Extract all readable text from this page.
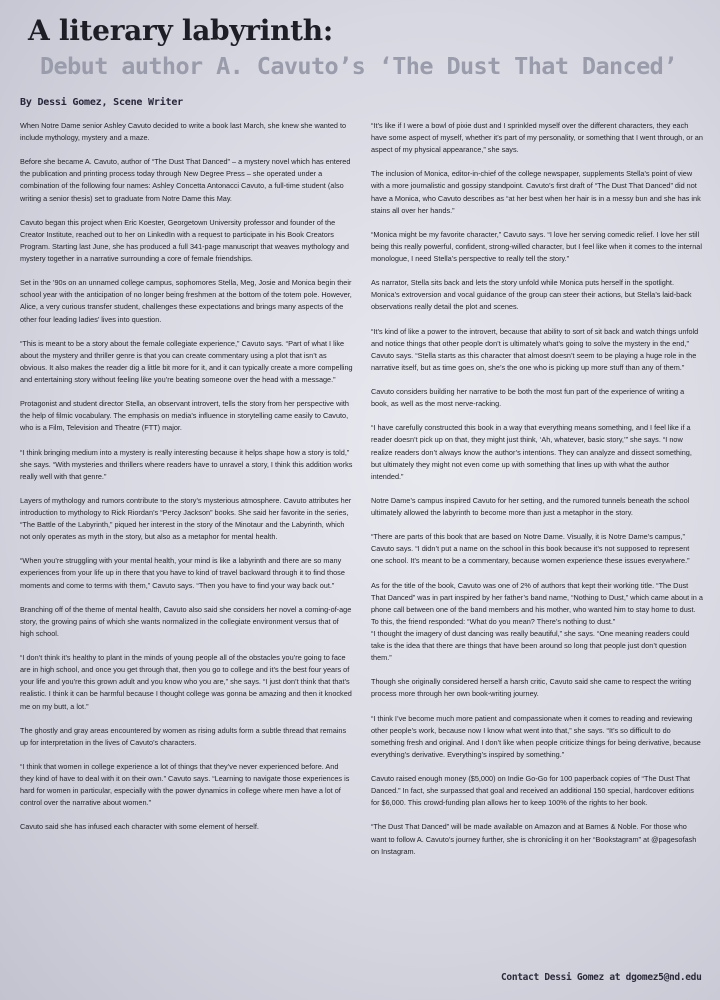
A literary labyrinth:
Debut author A. Cavuto’s ‘The Dust That Danced’
By Dessi Gomez, Scene Writer

When Notre Dame senior Ashley Cavuto decided to write a book last March, she knew she wanted to include mythology, mystery and a maze.

Before she became A. Cavuto, author of “The Dust That Danced” – a mystery novel which has entered the publication and printing process today through New Degree Press – she operated under a combination of the following four names: Ashley Concetta Antonacci Cavuto, a full-time student (also writing a senior thesis) set to graduate from Notre Dame this May.

Cavuto began this project when Eric Koester, Georgetown University professor and founder of the Creator Institute, reached out to her on LinkedIn with a request to participate in his Book Creators Program. Starting last June, she has produced a full 341-page manuscript that weaves mythology and mystery together in a narrative surrounding a core of female friendships.

Set in the ’90s on an unnamed college campus, sophomores Stella, Meg, Josie and Monica begin their school year with the anticipation of no longer being freshmen at the bottom of the totem pole. However, Alice, a very curious transfer student, challenges these expectations and brings many aspects of the other four leading ladies’ lives into question.

“This is meant to be a story about the female collegiate experience,” Cavuto says. “Part of what I like about the mystery and thriller genre is that you can create commentary using a plot that isn’t as obvious. It also makes the reader dig a little bit more for it, and it can typically create a more compelling and entertaining story without feeling like you’re beating someone over the head with a message.”

Protagonist and student director Stella, an observant introvert, tells the story from her perspective with the help of filmic vocabulary. The emphasis on media’s influence in storytelling came easily to Cavuto, who is a Film, Television and Theatre (FTT) major.

“I think bringing medium into a mystery is really interesting because it helps shape how a story is told,” she says. “With mysteries and thrillers where readers have to unravel a story, I think this addition works really well with that genre.”

Layers of mythology and rumors contribute to the story’s mysterious atmosphere. Cavuto attributes her introduction to mythology to Rick Riordan’s “Percy Jackson” books. She said her favorite in the series, “The Battle of the Labyrinth,” piqued her interest in the story of the Minotaur and the Labyrinth, which not only operates as myth in the story, but also as a metaphor for mental health.

“When you’re struggling with your mental health, your mind is like a labyrinth and there are so many experiences from your life up in there that you have to kind of travel backward through it to find those moments and come to terms with them,” Cavuto says. “Then you have to find your way back out.”

Branching off of the theme of mental health, Cavuto also said she considers her novel a coming-of-age story, the growing pains of which she wants normalized in the collegiate environment versus that of high school.

“I don’t think it’s healthy to plant in the minds of young people all of the obstacles you’re going to face are in high school, and once you get through that, then you go to college and it’s the best four years of your life and you’re this grown adult and you know who you are,” she says. “I just don’t think that that’s realistic. I think it can be harmful because I thought college was gonna be amazing and then it knocked me on my butt, a lot.”

The ghostly and gray areas encountered by women as rising adults form a subtle thread that remains up for interpretation in the lives of Cavuto’s characters.

“I think that women in college experience a lot of things that they’ve never experienced before. And they kind of have to deal with it on their own.” Cavuto says. “Learning to navigate those experiences is hard for women in particular, especially with the power dynamics in college where men have a lot of control over the narrative about women.”

Cavuto said she has infused each character with some element of herself.

“It’s like if I were a bowl of pixie dust and I sprinkled myself over the different characters, they each have some aspect of myself, whether it’s part of my personality, or something that I went through, or an aspect of my physical appearance,” she says.

The inclusion of Monica, editor-in-chief of the college newspaper, supplements Stella’s point of view with a more journalistic and gossipy standpoint. Cavuto’s first draft of “The Dust That Danced” did not have a Monica, who Cavuto describes as “at her best when her hair is in a messy bun and she has ink stains all over her hands.”

“Monica might be my favorite character,” Cavuto says. “I love her serving comedic relief. I love her still being this really powerful, confident, strong-willed character, but I feel like when it comes to the internal monologue, I need Stella’s perspective to really tell the story.”

As narrator, Stella sits back and lets the story unfold while Monica puts herself in the spotlight. Monica’s extroversion and vocal guidance of the group can steer their actions, but Stella’s laid-back observations really detail the plot and scenes.

“It’s kind of like a power to the introvert, because that ability to sort of sit back and watch things unfold and notice things that other people don’t is ultimately what’s going to solve the mystery in the end,” Cavuto says. “Stella starts as this character that almost doesn’t seem to be playing a huge role in the narrative itself, but as time goes on, she’s the one who is picking up more stuff than any of them.”

Cavuto considers building her narrative to be both the most fun part of the experience of writing a book, as well as the most nerve-racking.

“I have carefully constructed this book in a way that everything means something, and I feel like if a reader doesn’t pick up on that, they might just think, ‘Ah, whatever, basic story,’” she says. “I now realize readers don’t always know the author’s intentions. They can analyze and dissect something, but ultimately they might not even come up with something that lines up with what the author intended.”

Notre Dame’s campus inspired Cavuto for her setting, and the rumored tunnels beneath the school ultimately allowed the labyrinth to become more than just a metaphor in the story.

“There are parts of this book that are based on Notre Dame. Visually, it is Notre Dame’s campus,” Cavuto says. “I didn’t put a name on the school in this book because it’s not supposed to represent one school. It’s meant to be a commentary, because women experience these issues everywhere.”

As for the title of the book, Cavuto was one of 2% of authors that kept their working title. “The Dust That Danced” was in part inspired by her father’s band name, “Nothing to Dust,” which came about in a phone call between one of the band members and his mother, who wanted him to stay home to dust. To this, the friend responded: “What do you mean? There’s nothing to dust.”
“I thought the imagery of dust dancing was really beautiful,” she says. “One meaning readers could take is the idea that there are things that have been around so long that people just don’t question them.”

Though she originally considered herself a harsh critic, Cavuto said she came to respect the writing process more through her own book-writing journey.

“I think I’ve become much more patient and compassionate when it comes to reading and reviewing other people’s work, because now I know what went into that,” she says. “It’s so difficult to do something fresh and original. And I don’t like when people criticize things for being derivative, because everything’s derivative. Everything’s inspired by something.”

Cavuto raised enough money ($5,000) on Indie Go-Go for 100 paperback copies of “The Dust That Danced.” In fact, she surpassed that goal and received an additional 150 special, hardcover editions for $6,000. This crowd-funding plan allows her to keep 100% of the rights to her book.

“The Dust That Danced” will be made available on Amazon and at Barnes & Noble. For those who want to follow A. Cavuto’s journey further, she is chronicling it on her “Bookstagram” at @pagesofash on Instagram.

Contact Dessi Gomez at dgomez5@nd.edu
